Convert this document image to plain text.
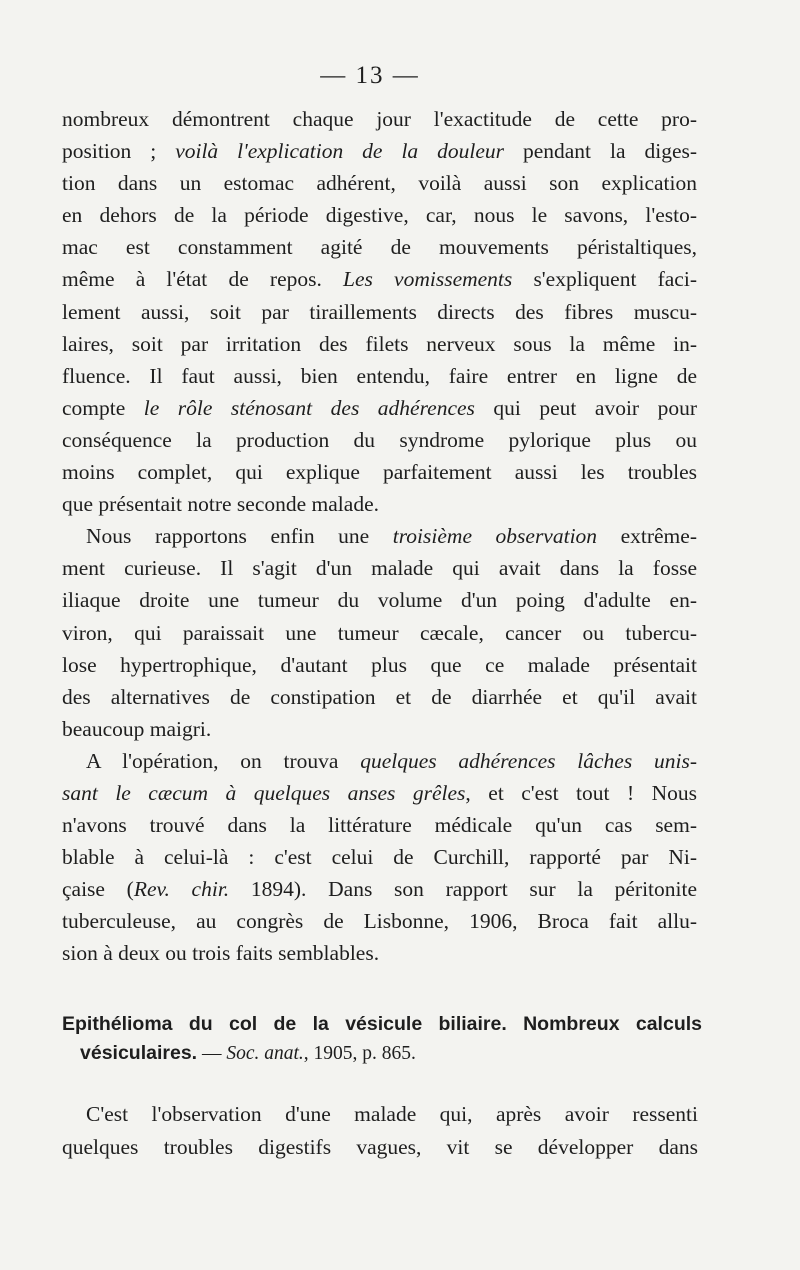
— 13 —
nombreux démontrent chaque jour l'exactitude de cette pro-
position ; voilà l'explication de la douleur pendant la diges-
tion dans un estomac adhérent, voilà aussi son explication
en dehors de la période digestive, car, nous le savons, l'esto-
mac est constamment agité de mouvements péristaltiques,
même à l'état de repos. Les vomissements s'expliquent faci-
lement aussi, soit par tiraillements directs des fibres muscu-
laires, soit par irritation des filets nerveux sous la même in-
fluence. Il faut aussi, bien entendu, faire entrer en ligne de
compte le rôle sténosant des adhérences qui peut avoir pour
conséquence la production du syndrome pylorique plus ou
moins complet, qui explique parfaitement aussi les troubles
que présentait notre seconde malade.
Nous rapportons enfin une troisième observation extrême-
ment curieuse. Il s'agit d'un malade qui avait dans la fosse
iliaque droite une tumeur du volume d'un poing d'adulte en-
viron, qui paraissait une tumeur cæcale, cancer ou tubercu-
lose hypertrophique, d'autant plus que ce malade présentait
des alternatives de constipation et de diarrhée et qu'il avait
beaucoup maigri.
A l'opération, on trouva quelques adhérences lâches unis-
sant le cæcum à quelques anses grêles, et c'est tout ! Nous
n'avons trouvé dans la littérature médicale qu'un cas sem-
blable à celui-là : c'est celui de Curchill, rapporté par Ni-
çaise (Rev. chir. 1894). Dans son rapport sur la péritonite
tuberculeuse, au congrès de Lisbonne, 1906, Broca fait allu-
sion à deux ou trois faits semblables.
Epithélioma du col de la vésicule biliaire. Nombreux calculs
vésiculaires. — Soc. anat., 1905, p. 865.
C'est l'observation d'une malade qui, après avoir ressenti
quelques troubles digestifs vagues, vit se développer dans
